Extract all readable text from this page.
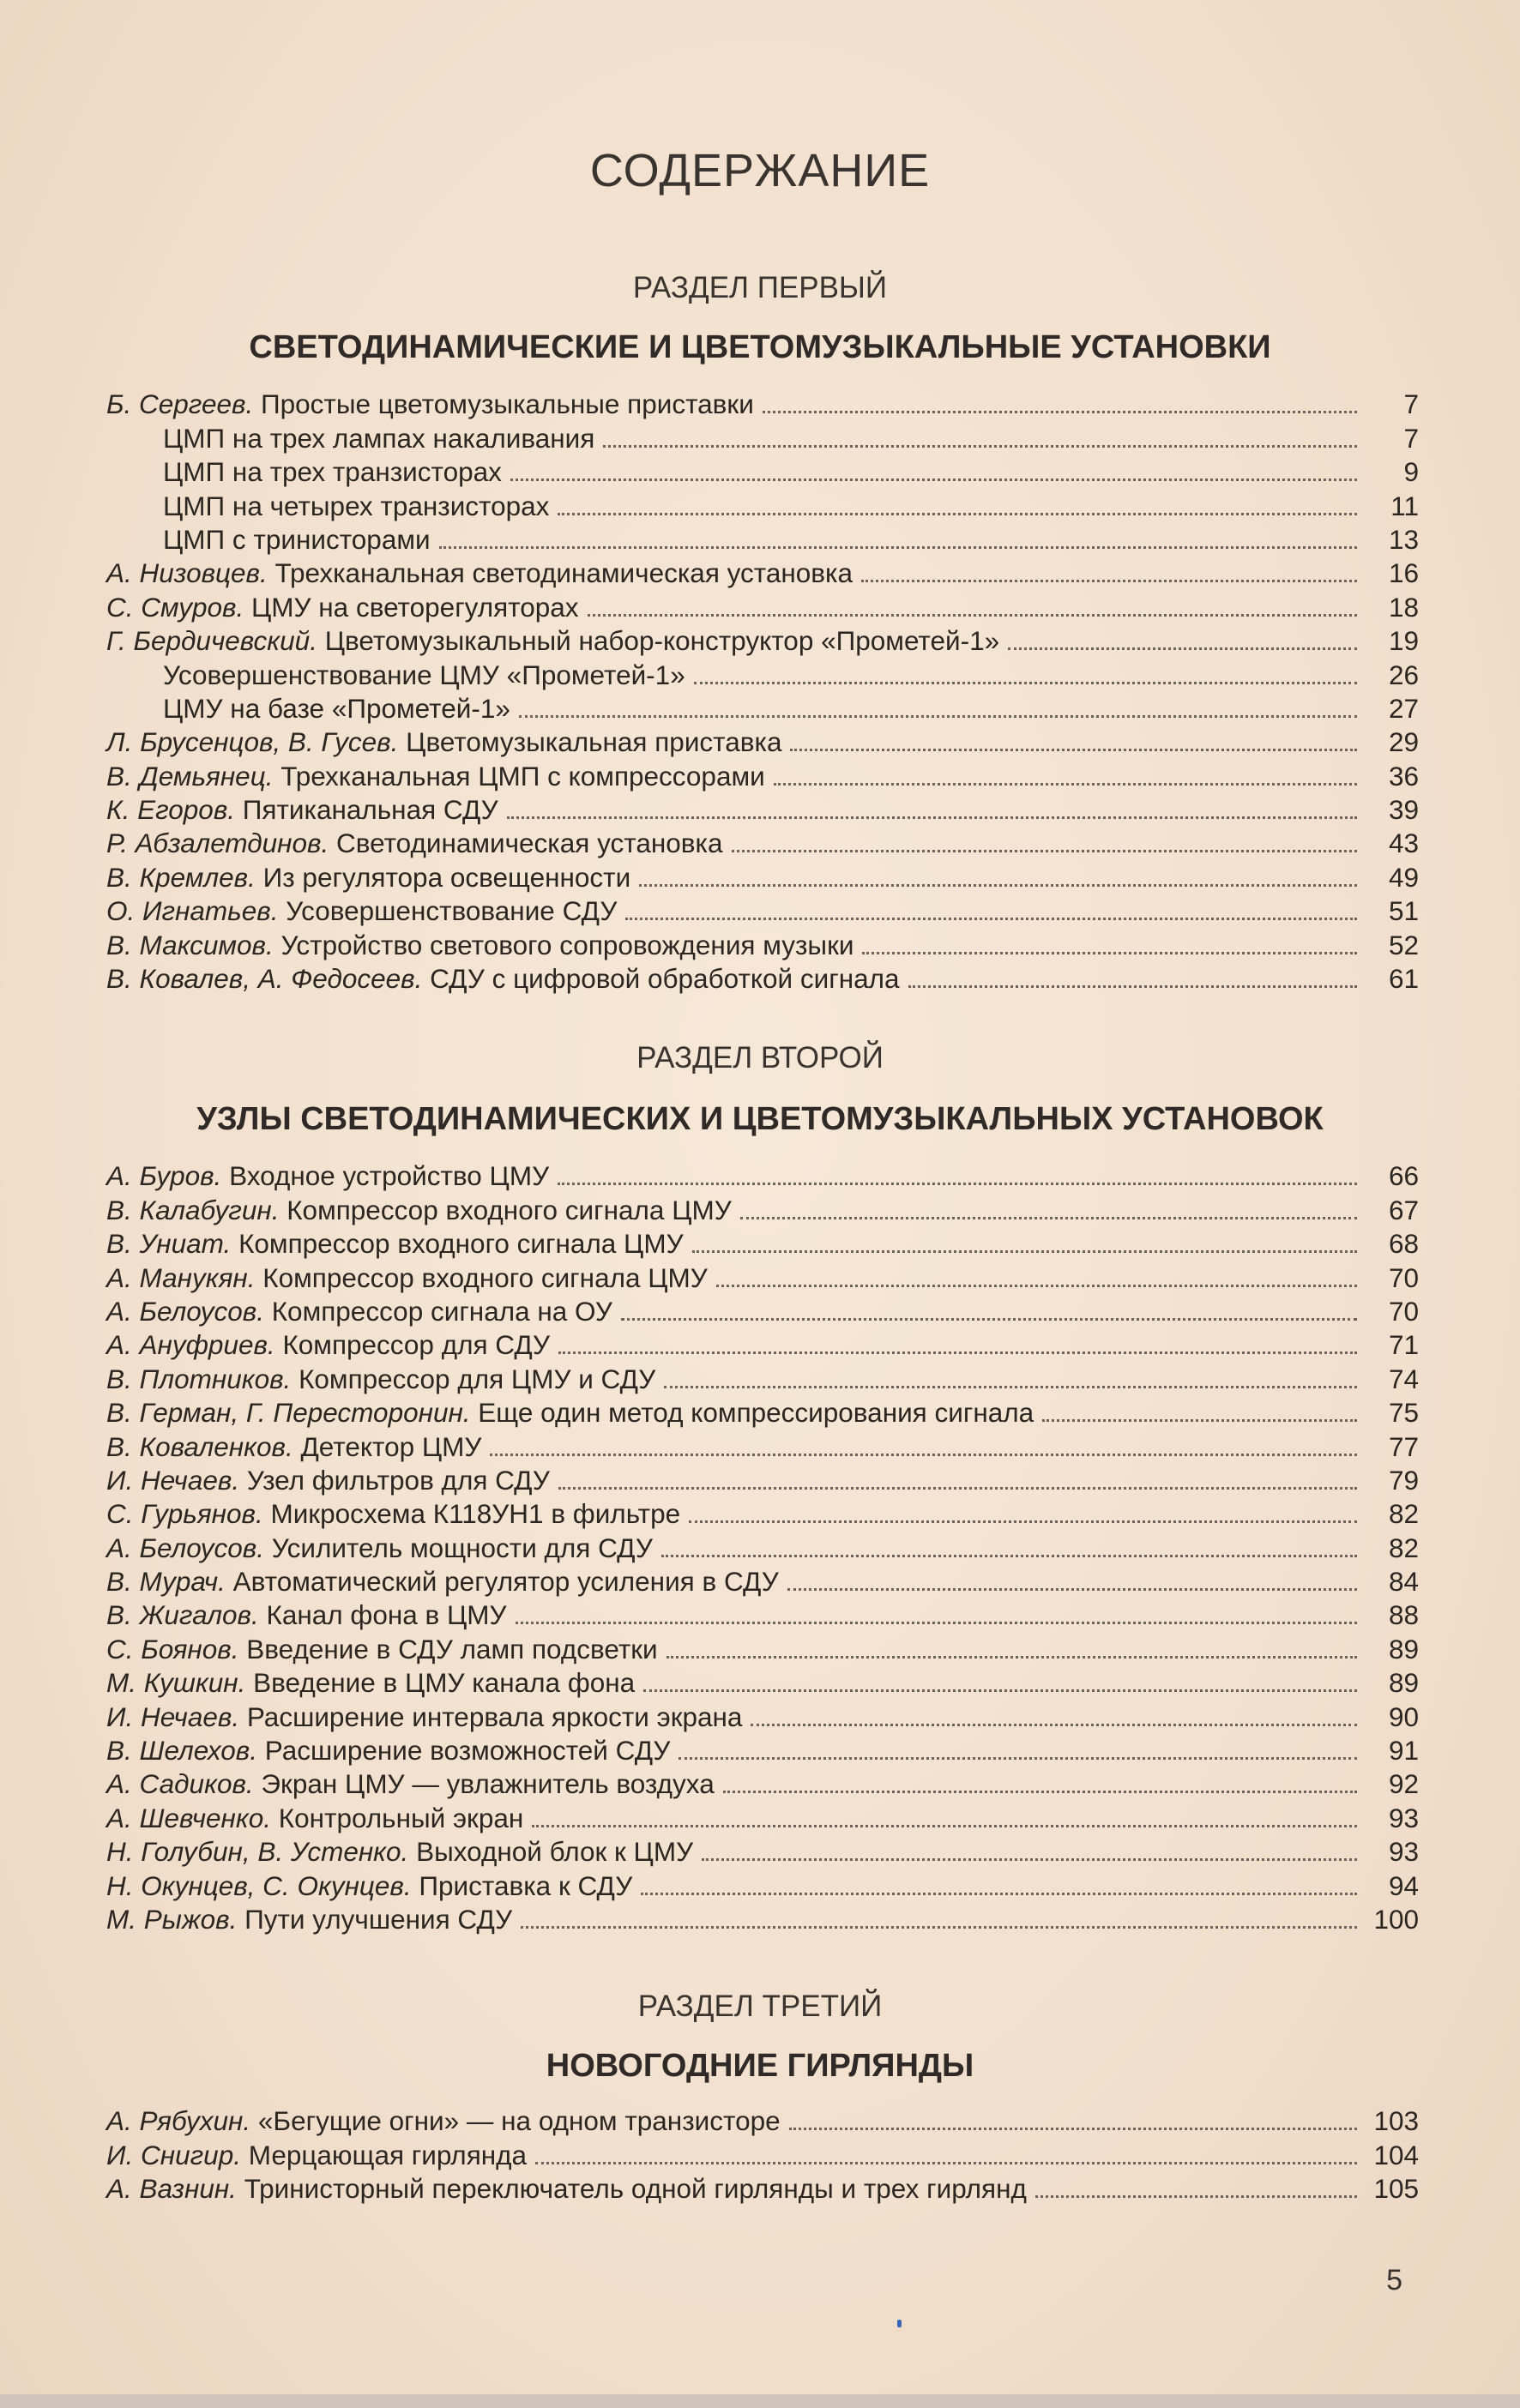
СОДЕРЖАНИЕ
РАЗДЕЛ ПЕРВЫЙ
СВЕТОДИНАМИЧЕСКИЕ И ЦВЕТОМУЗЫКАЛЬНЫЕ УСТАНОВКИ
Б. Сергеев. Простые цветомузыкальные приставки	7
ЦМП на трех лампах накаливания	7
ЦМП на трех транзисторах	9
ЦМП на четырех транзисторах	11
ЦМП с тринисторами	13
А. Низовцев. Трехканальная светодинамическая установка	16
С. Смуров. ЦМУ на светорегуляторах	18
Г. Бердичевский. Цветомузыкальный набор-конструктор «Прометей-1»	19
Усовершенствование ЦМУ «Прометей-1»	26
ЦМУ на базе «Прометей-1»	27
Л. Брусенцов, В. Гусев. Цветомузыкальная приставка	29
В. Демьянец. Трехканальная ЦМП с компрессорами	36
К. Егоров. Пятиканальная СДУ	39
Р. Абзалетдинов. Светодинамическая установка	43
В. Кремлев. Из регулятора освещенности	49
О. Игнатьев. Усовершенствование СДУ	51
В. Максимов. Устройство светового сопровождения музыки	52
В. Ковалев, А. Федосеев. СДУ с цифровой обработкой сигнала	61
РАЗДЕЛ ВТОРОЙ
УЗЛЫ СВЕТОДИНАМИЧЕСКИХ И ЦВЕТОМУЗЫКАЛЬНЫХ УСТАНОВОК
А. Буров. Входное устройство ЦМУ	66
В. Калабугин. Компрессор входного сигнала ЦМУ	67
В. Униат. Компрессор входного сигнала ЦМУ	68
А. Манукян. Компрессор входного сигнала ЦМУ	70
А. Белоусов. Компрессор сигнала на ОУ	70
А. Ануфриев. Компрессор для СДУ	71
В. Плотников. Компрессор для ЦМУ и СДУ	74
В. Герман, Г. Пересторонин. Еще один метод компрессирования сигнала	75
В. Коваленков. Детектор ЦМУ	77
И. Нечаев. Узел фильтров для СДУ	79
С. Гурьянов. Микросхема К118УН1 в фильтре	82
А. Белоусов. Усилитель мощности для СДУ	82
В. Мурач. Автоматический регулятор усиления в СДУ	84
В. Жигалов. Канал фона в ЦМУ	88
С. Боянов. Введение в СДУ ламп подсветки	89
М. Кушкин. Введение в ЦМУ канала фона	89
И. Нечаев. Расширение интервала яркости экрана	90
В. Шелехов. Расширение возможностей СДУ	91
А. Садиков. Экран ЦМУ — увлажнитель воздуха	92
А. Шевченко. Контрольный экран	93
Н. Голубин, В. Устенко. Выходной блок к ЦМУ	93
Н. Окунцев, С. Окунцев. Приставка к СДУ	94
М. Рыжов. Пути улучшения СДУ	100
РАЗДЕЛ ТРЕТИЙ
НОВОГОДНИЕ ГИРЛЯНДЫ
А. Рябухин. «Бегущие огни» — на одном транзисторе	103
И. Снигир. Мерцающая гирлянда	104
А. Вазнин. Тринисторный переключатель одной гирлянды и трех гирлянд	105
5
